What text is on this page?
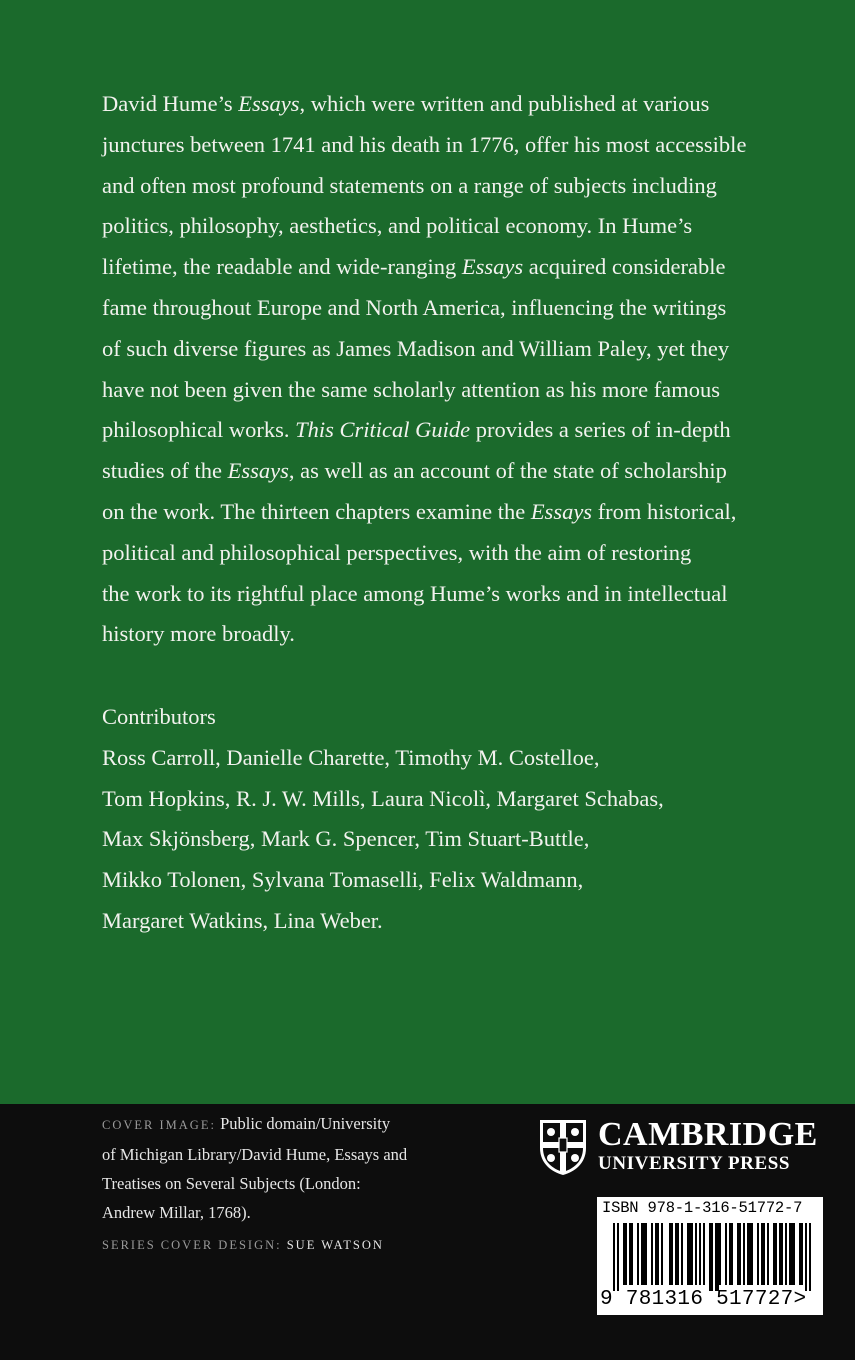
David Hume’s Essays, which were written and published at various
junctures between 1741 and his death in 1776, offer his most accessible
and often most profound statements on a range of subjects including
politics, philosophy, aesthetics, and political economy. In Hume’s
lifetime, the readable and wide-ranging Essays acquired considerable
fame throughout Europe and North America, influencing the writings
of such diverse figures as James Madison and William Paley, yet they
have not been given the same scholarly attention as his more famous
philosophical works. This Critical Guide provides a series of in-depth
studies of the Essays, as well as an account of the state of scholarship
on the work. The thirteen chapters examine the Essays from historical,
political and philosophical perspectives, with the aim of restoring
the work to its rightful place among Hume’s works and in intellectual
history more broadly.
Contributors
Ross Carroll, Danielle Charette, Timothy M. Costelloe,
Tom Hopkins, R. J. W. Mills, Laura Nicolì, Margaret Schabas,
Max Skjönsberg, Mark G. Spencer, Tim Stuart-Buttle,
Mikko Tolonen, Sylvana Tomaselli, Felix Waldmann,
Margaret Watkins, Lina Weber.
COVER IMAGE: Public domain/University
of Michigan Library/David Hume, Essays and
Treatises on Several Subjects (London:
Andrew Millar, 1768).
SERIES COVER DESIGN: SUE WATSON
CAMBRIDGE
UNIVERSITY PRESS
ISBN 978-1-316-51772-7
9 781316 517727>
